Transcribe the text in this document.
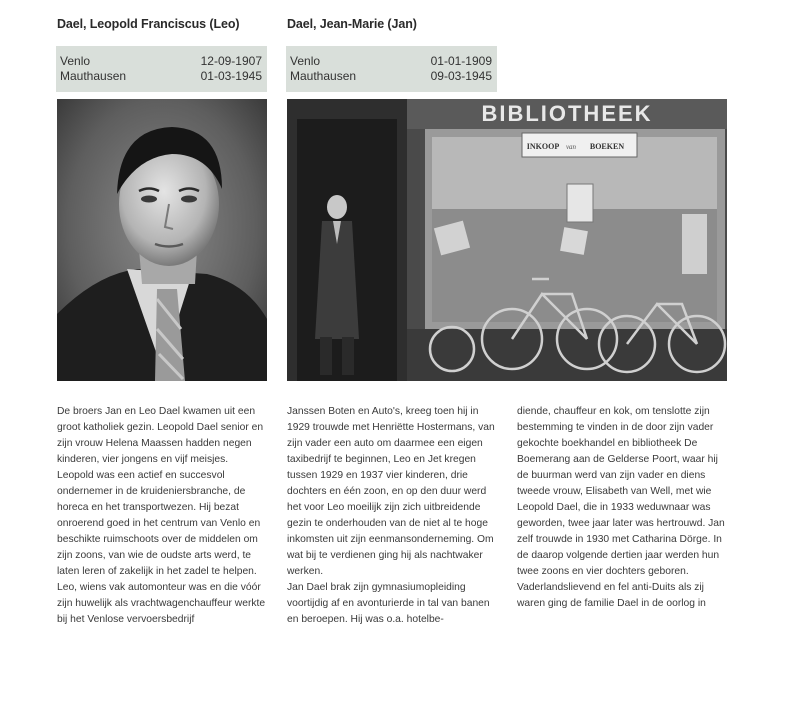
Dael, Leopold Franciscus (Leo)	Dael, Jean-Marie (Jan)
Venlo	12-09-1907
Mauthausen	01-03-1945
Venlo	01-01-1909
Mauthausen	09-03-1945
BIBLIOTHEEK
INKOOP van BOEKEN

De broers Jan en Leo Dael kwamen uit een groot katholiek gezin. Leopold Dael senior en zijn vrouw Helena Maassen hadden negen kinderen, vier jongens en vijf meisjes. Leopold was een actief en succesvol ondernemer in de kruideniersbranche, de horeca en het transportwezen. Hij bezat onroerend goed in het centrum van Venlo en beschikte ruimschoots over de middelen om zijn zoons, van wie de oudste arts werd, te laten leren of zakelijk in het zadel te helpen.

Leo, wiens vak automonteur was en die vóór zijn huwelijk als vrachtwagenchauffeur werkte bij het Venlose vervoersbedrijf

Janssen Boten en Auto's, kreeg toen hij in 1929 trouwde met Henriëtte Hostermans, van zijn vader een auto om daarmee een eigen taxibedrijf te beginnen, Leo en Jet kregen tussen 1929 en 1937 vier kinderen, drie dochters en één zoon, en op den duur werd het voor Leo moeilijk zijn zich uitbreidende gezin te onderhouden van de niet al te hoge inkomsten uit zijn eenmansonderneming. Om wat bij te verdienen ging hij als nachtwaker werken.

Jan Dael brak zijn gymnasiumopleiding voortijdig af en avonturierde in tal van banen en beroepen. Hij was o.a. hotelbe-

diende, chauffeur en kok, om tenslotte zijn bestemming te vinden in de door zijn vader gekochte boekhandel en bibliotheek De Boemerang aan de Gelderse Poort, waar hij de buurman werd van zijn vader en diens tweede vrouw, Elisabeth van Well, met wie Leopold Dael, die in 1933 weduwnaar was geworden, twee jaar later was hertrouwd. Jan zelf trouwde in 1930 met Catharina Dörge. In de daarop volgende dertien jaar werden hun twee zoons en vier dochters geboren.

Vaderlandslievend en fel anti-Duits als zij waren ging de familie Dael in de oorlog in
